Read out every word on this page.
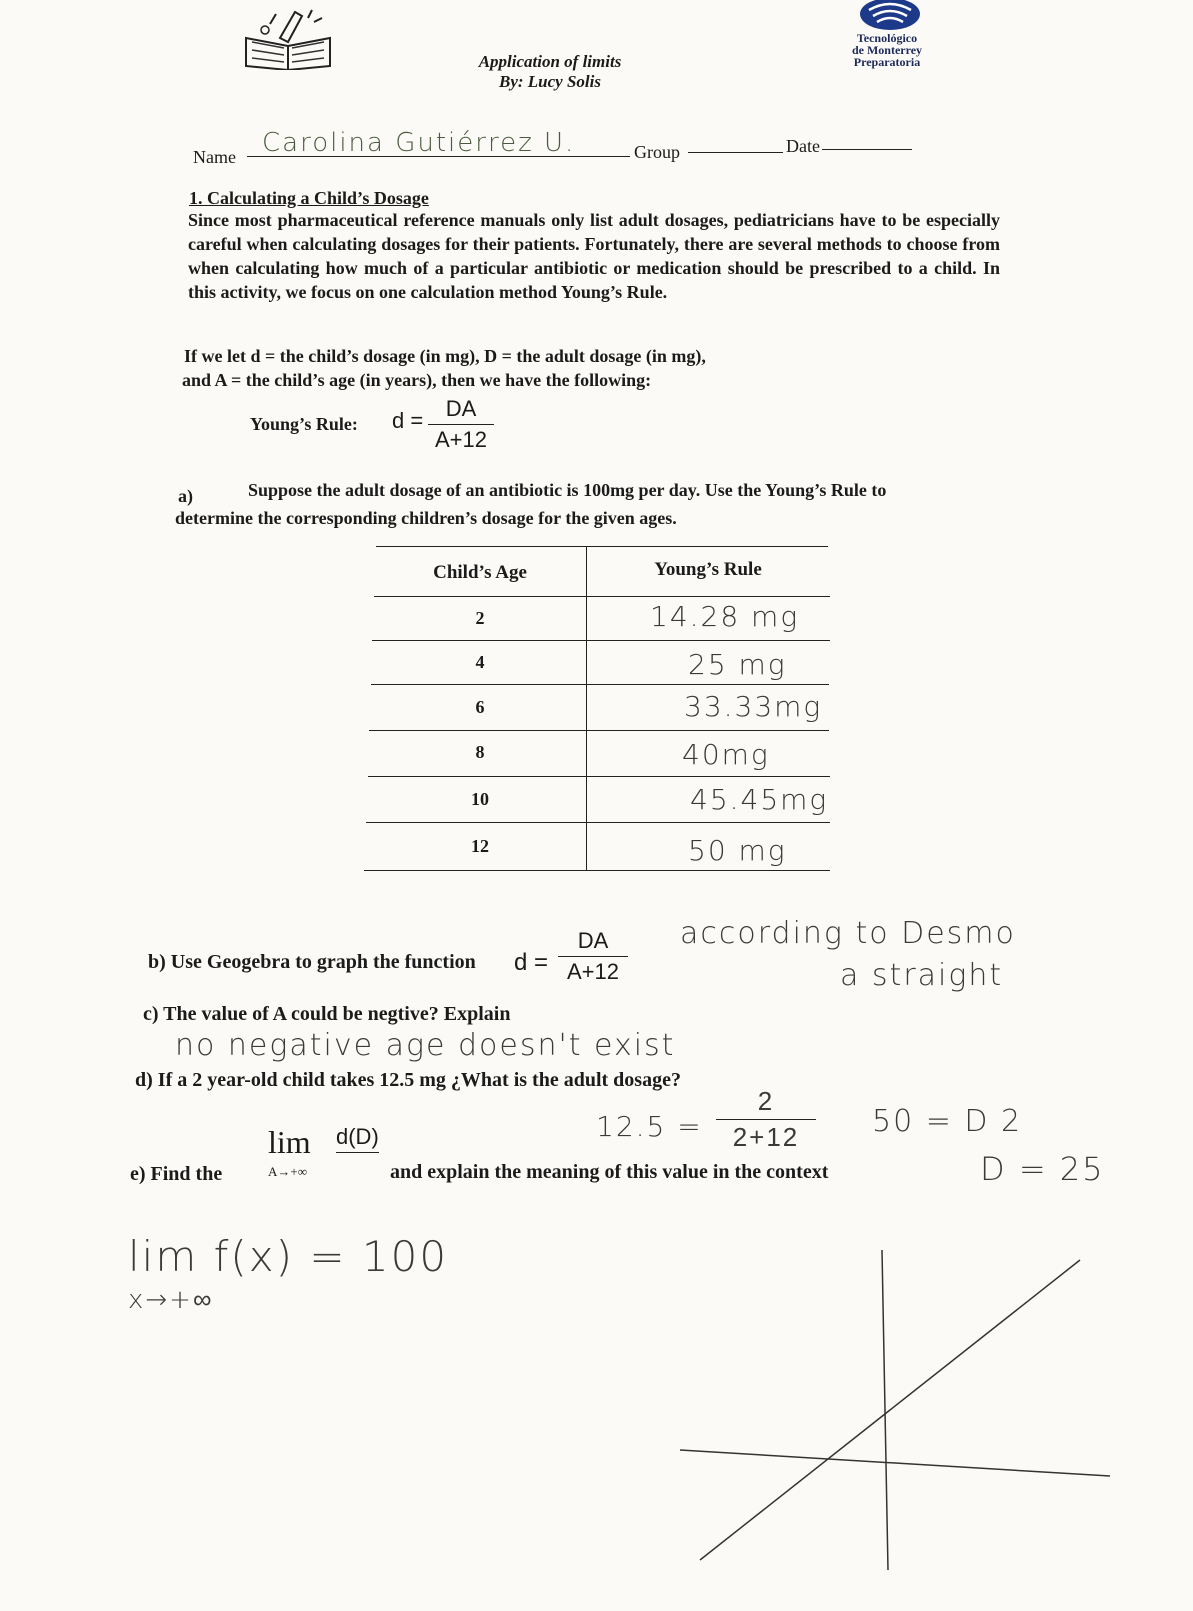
Application of limits
By: Lucy Solis
Tecnológico
de Monterrey
Preparatoria
Name Carolina Gutiérrez U.	Group	Date
1. Calculating a Child’s Dosage
Since most pharmaceutical reference manuals only list adult dosages, pediatricians have to be especially careful when calculating dosages for their patients. Fortunately, there are several methods to choose from when calculating how much of a particular antibiotic or medication should be prescribed to a child. In this activity, we focus on one calculation method Young’s Rule.
If we let d = the child’s dosage (in mg), D = the adult dosage (in mg),
and A = the child’s age (in years), then we have the following:
Young’s Rule: d =	DA
A+12
a)	Suppose the adult dosage of an antibiotic is 100mg per day. Use the Young’s Rule to
determine the corresponding children’s dosage for the given ages.
Child’s Age	Young’s Rule
2	14.28 mg
4	25 mg
6	33.33mg
8	40mg
10	45.45mg
12	50 mg
b) Use Geogebra to graph the function d =
DA
A+12
according to Desmo
a straight
c) The value of A could be negtive? Explain
no negative age doesn't exist
d) If a 2 year-old child takes 12.5 mg ¿What is the adult dosage?
12.5 =
2
2+12	50 = D 2
D = 25
e) Find the
lim d(D)
A→+∞	and explain the meaning of this value in the context
lim f(x) = 100
x→+∞
